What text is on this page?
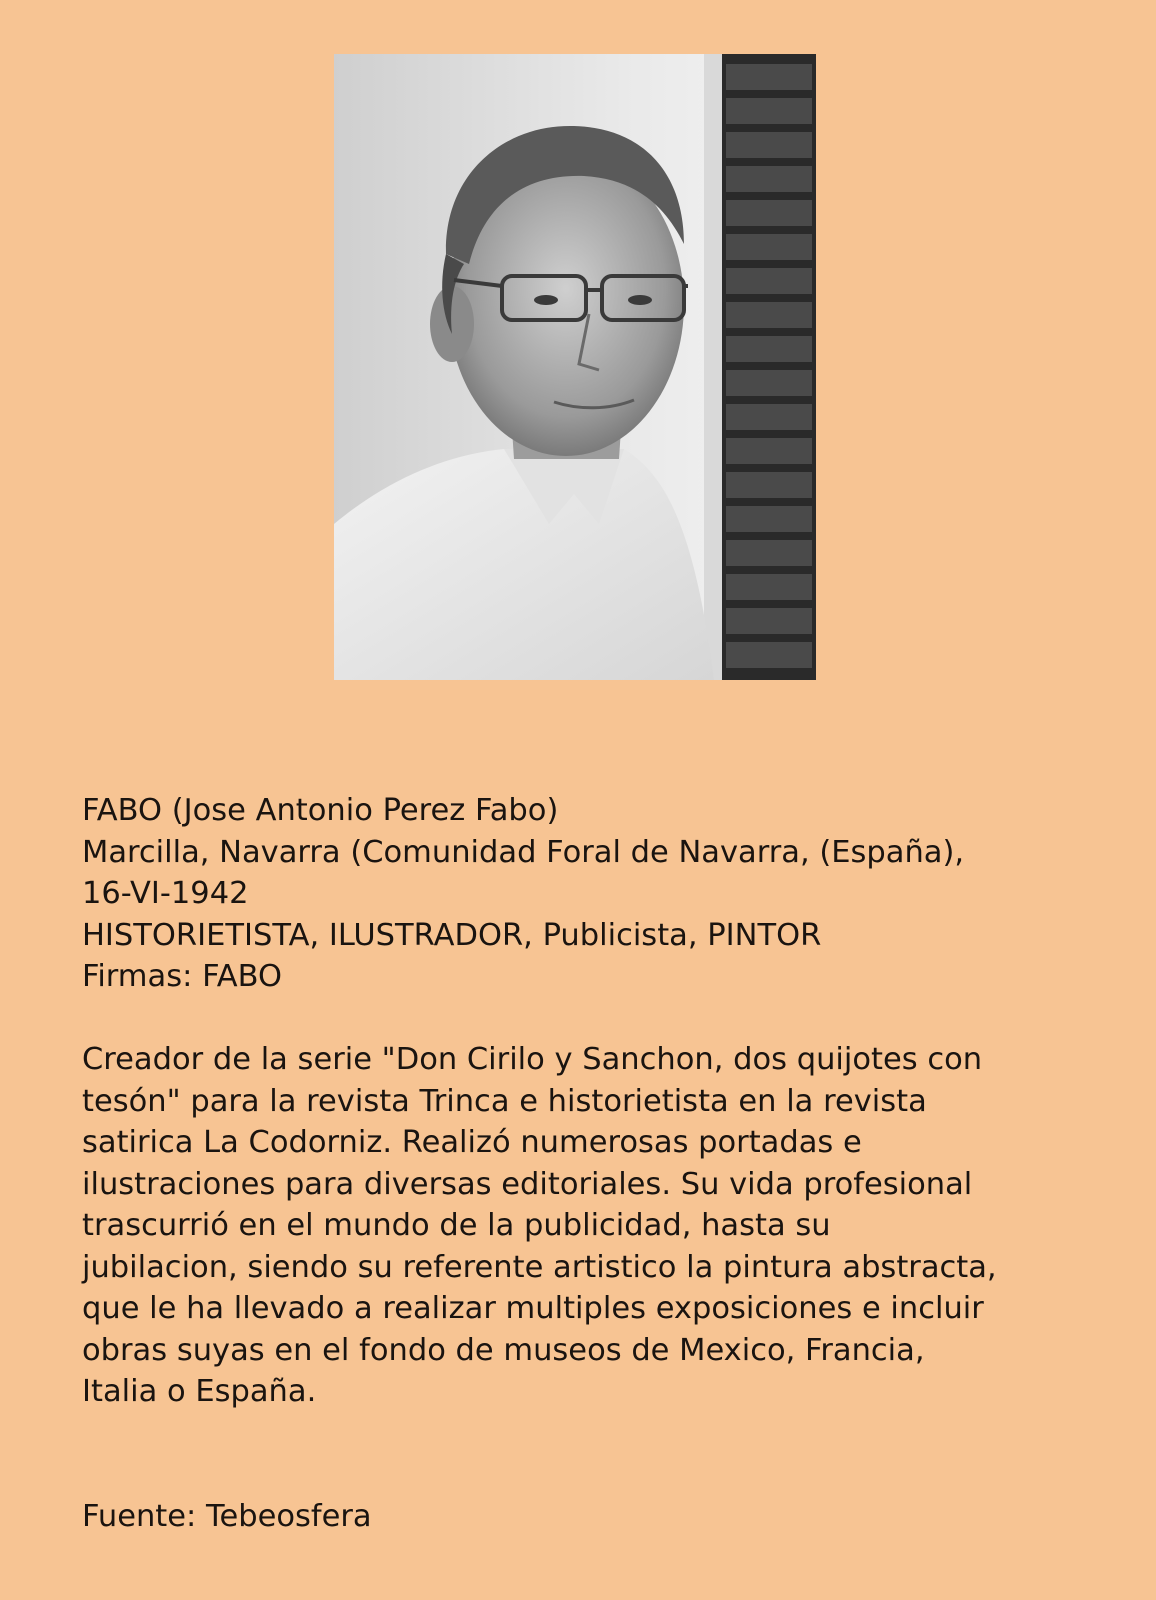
FABO (Jose Antonio Perez Fabo)
Marcilla, Navarra (Comunidad Foral de Navarra, (España),
16-VI-1942
HISTORIETISTA, ILUSTRADOR, Publicista, PINTOR
Firmas: FABO
Creador de la serie "Don Cirilo y Sanchon, dos quijotes con
tesón" para la revista Trinca e historietista en la revista
satirica La Codorniz. Realizó numerosas portadas e
ilustraciones para diversas editoriales. Su vida profesional
trascurrió en el mundo de la publicidad, hasta su
jubilacion, siendo su referente artistico la pintura abstracta,
que le ha llevado a realizar multiples exposiciones e incluir
obras suyas en el fondo de museos de Mexico, Francia,
Italia o España.
Fuente: Tebeosfera
